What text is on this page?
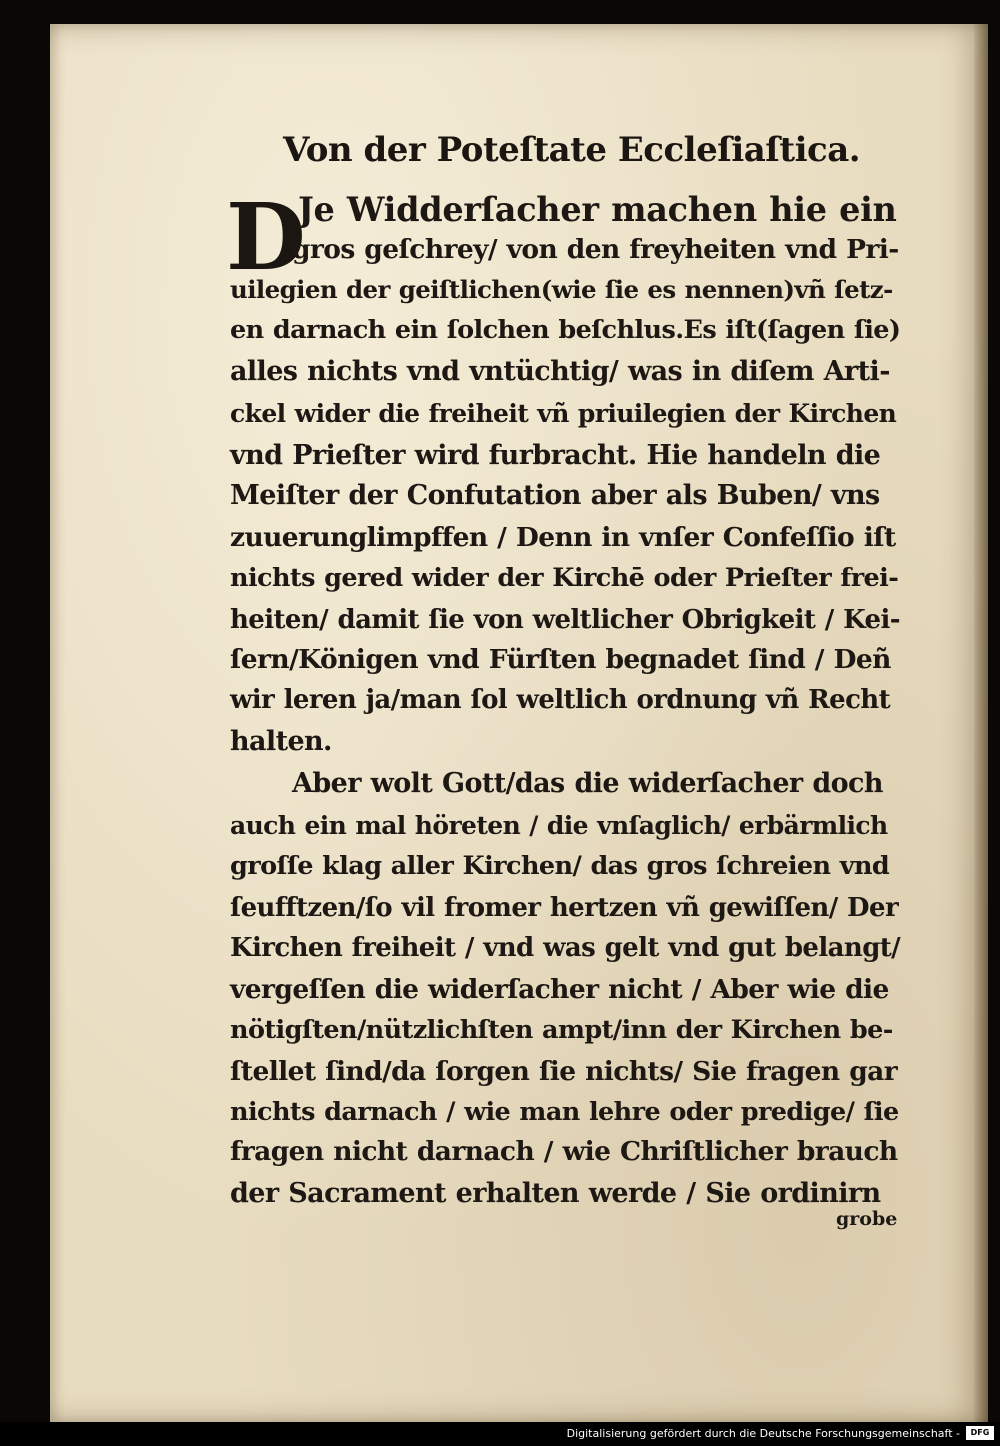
Von der Poteſtate Eccleſiaſtica.
D
Je Widderſacher machen hie ein
gros geſchrey/ von den freyheiten vnd Pri-
uilegien der geiſtlichen(wie ſie es nennen)vñ ſetz-
en darnach ein ſolchen beſchlus.Es iſt(ſagen ſie)
alles nichts vnd vntüchtig/ was in diſem Arti-
ckel wider die freiheit vñ priuilegien der Kirchen
vnd Prieſter wird furbracht. Hie handeln die
Meiſter der Confutation aber als Buben/ vns
zuuerunglimpffen / Denn in vnſer Confeſſio iſt
nichts gered wider der Kirchē oder Prieſter frei-
heiten/ damit ſie von weltlicher Obrigkeit / Kei-
ſern/Königen vnd Fürſten begnadet ſind / Deñ
wir leren ja/man ſol weltlich ordnung vñ Recht
halten.
Aber wolt Gott/das die widerſacher doch
auch ein mal höreten / die vnſaglich/ erbärmlich
groſſe klag aller Kirchen/ das gros ſchreien vnd
ſeufftzen/ſo vil fromer hertzen vñ gewiſſen/ Der
Kirchen freiheit / vnd was gelt vnd gut belangt/
vergeſſen die widerſacher nicht / Aber wie die
nötigſten/nützlichſten ampt/inn der Kirchen be-
ſtellet ſind/da ſorgen ſie nichts/ Sie fragen gar
nichts darnach / wie man lehre oder predige/ ſie
fragen nicht darnach / wie Chriſtlicher brauch
der Sacrament erhalten werde / Sie ordinirn
grobe
Digitalisierung gefördert durch die Deutsche Forschungsgemeinschaft -	DFG
